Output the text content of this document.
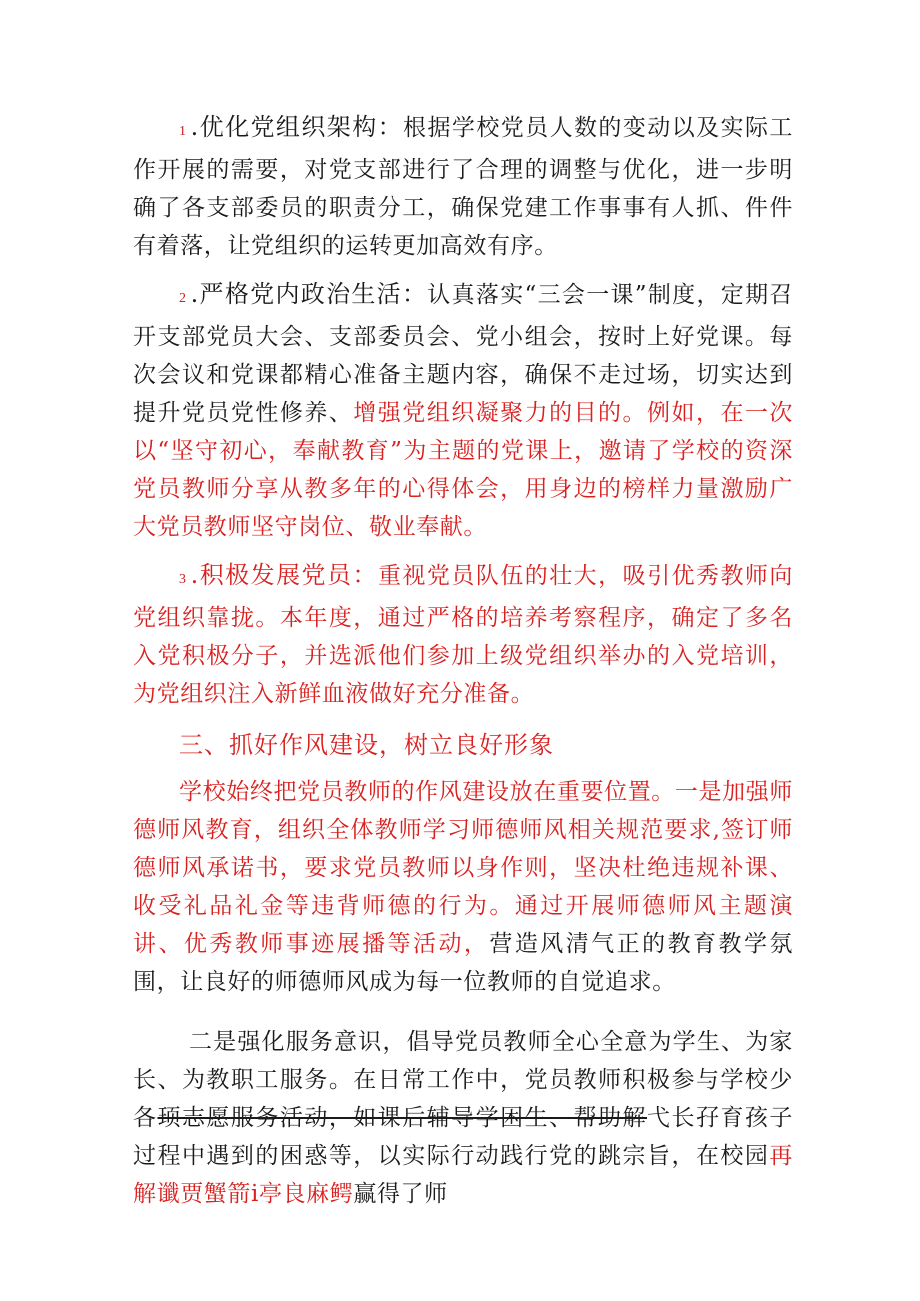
1 .优化党组织架构：根据学校党员人数的变动以及实际工作开展的需要，对党支部进行了合理的调整与优化，进一步明确了各支部委员的职责分工，确保党建工作事事有人抓、件件有着落，让党组织的运转更加高效有序。

2 .严格党内政治生活：认真落实“三会一课”制度，定期召开支部党员大会、支部委员会、党小组会，按时上好党课。每次会议和党课都精心准备主题内容，确保不走过场，切实达到提升党员党性修养、增强党组织凝聚力的目的。例如，在一次以“坚守初心，奉献教育”为主题的党课上，邀请了学校的资深党员教师分享从教多年的心得体会，用身边的榜样力量激励广大党员教师坚守岗位、敬业奉献。

3 .积极发展党员：重视党员队伍的壮大，吸引优秀教师向党组织靠拢。本年度，通过严格的培养考察程序，确定了多名入党积极分子，并选派他们参加上级党组织举办的入党培训，为党组织注入新鲜血液做好充分准备。

三、抓好作风建设，树立良好形象

学校始终把党员教师的作风建设放在重要位置。一是加强师德师风教育，组织全体教师学习师德师风相关规范要求,签订师德师风承诺书，要求党员教师以身作则，坚决杜绝违规补课、收受礼品礼金等违背师德的行为。通过开展师德师风主题演讲、优秀教师事迹展播等活动，营造风清气正的教育教学氛围，让良好的师德师风成为每一位教师的自觉追求。

二是强化服务意识，倡导党员教师全心全意为学生、为家长、为教职工服务。在日常工作中，党员教师积极参与学校少各顼志愿服务活动，如课后辅导学困生、帮助解弋长孖育孩子过程中遇到的困惑等，以实际行动践行党的跳宗旨，在校园再解谶贾蟹箭i亭良麻鳄赢得了师
